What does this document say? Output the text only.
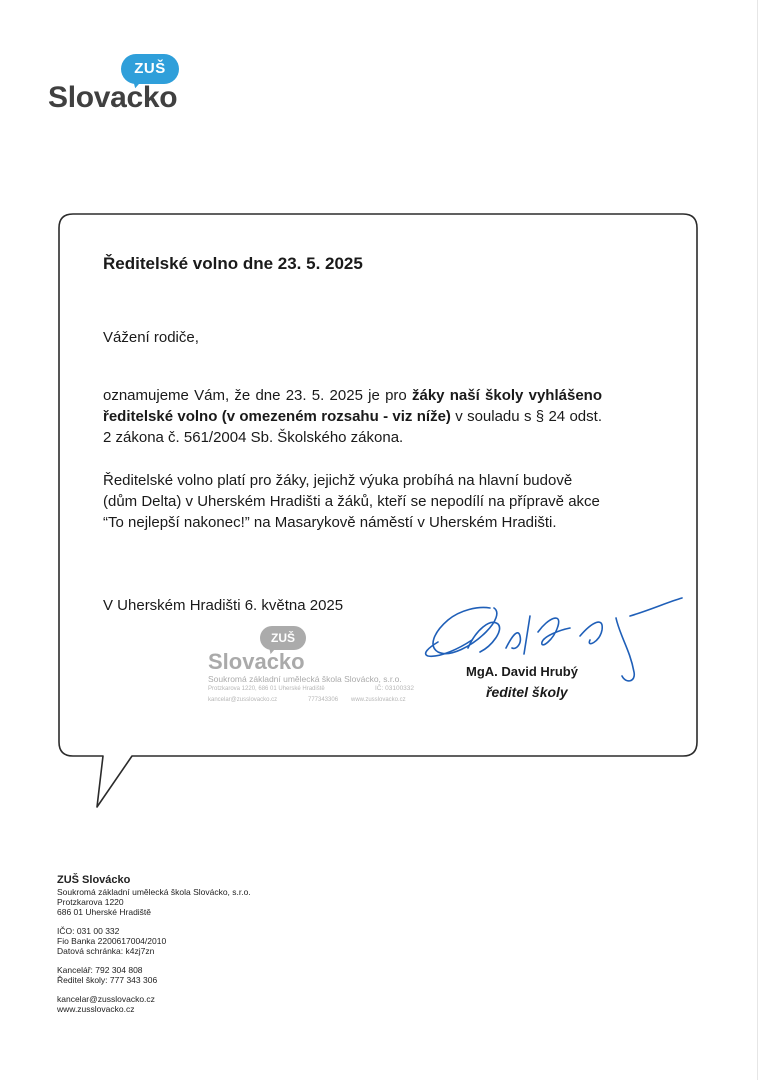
ZUŠ
Slovacko
Ředitelské volno dne 23. 5. 2025
Vážení rodiče,
oznamujeme Vám, že dne 23. 5. 2025 je pro žáky naší školy vyhlášeno ředitelské volno (v omezeném rozsahu - viz níže) v souladu s § 24 odst. 2 zákona č. 561/2004 Sb. Školského zákona.
Ředitelské volno platí pro žáky, jejichž výuka probíhá na hlavní budově (dům Delta) v Uherském Hradišti a žáků, kteří se nepodílí na přípravě akce “To nejlepší nakonec!” na Masarykově náměstí v Uherském Hradišti.
V Uherském Hradišti 6. května 2025
ZUŠ
Slovacko
Soukromá základní umělecká škola Slovácko, s.r.o.
Protzkarova 1220, 686 01 Uherské Hradiště	IČ: 03100332
kancelar@zusslovacko.cz	777343306 www.zusslovacko.cz
MgA. David Hrubý
ředitel školy
ZUŠ Slovácko
Soukromá základní umělecká škola Slovácko, s.r.o.
Protzkarova 1220
686 01 Uherské Hradiště
IČO: 031 00 332
Fio Banka 2200617004/2010
Datová schránka: k4zj7zn
Kancelář: 792 304 808
Ředitel školy: 777 343 306
kancelar@zusslovacko.cz
www.zusslovacko.cz
